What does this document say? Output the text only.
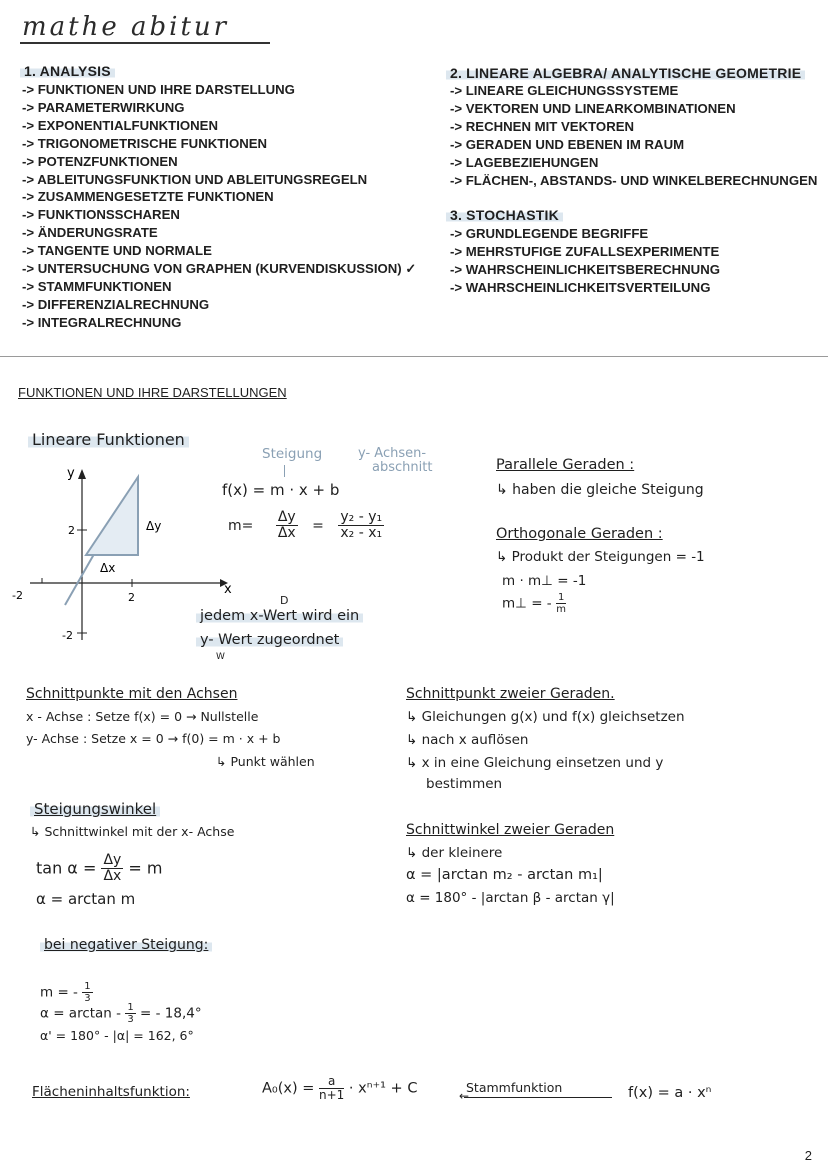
mathe abitur
1. ANALYSIS
-> FUNKTIONEN UND IHRE DARSTELLUNG
-> PARAMETERWIRKUNG
-> EXPONENTIALFUNKTIONEN
-> TRIGONOMETRISCHE FUNKTIONEN
-> POTENZFUNKTIONEN
-> ABLEITUNGSFUNKTION UND ABLEITUNGSREGELN
-> ZUSAMMENGESETZTE FUNKTIONEN
-> FUNKTIONSSCHAREN
-> ÄNDERUNGSRATE
-> TANGENTE UND NORMALE
-> UNTERSUCHUNG VON GRAPHEN (KURVENDISKUSSION) ✓
-> STAMMFUNKTIONEN
-> DIFFERENZIALRECHNUNG
-> INTEGRALRECHNUNG
2. LINEARE ALGEBRA/ ANALYTISCHE GEOMETRIE
-> LINEARE GLEICHUNGSSYSTEME
-> VEKTOREN UND LINEARKOMBINATIONEN
-> RECHNEN MIT VEKTOREN
-> GERADEN UND EBENEN IM RAUM
-> LAGEBEZIEHUNGEN
-> FLÄCHEN-, ABSTANDS- UND WINKELBERECHNUNGEN
3. STOCHASTIK
-> GRUNDLEGENDE BEGRIFFE
-> MEHRSTUFIGE ZUFALLSEXPERIMENTE
-> WAHRSCHEINLICHKEITSBERECHNUNG
-> WAHRSCHEINLICHKEITSVERTEILUNG
FUNKTIONEN UND IHRE DARSTELLUNGEN
Lineare Funktionen
y
x
2
-2
2
-2
Δy
Δx
Steigung	y- Achsen-
abschnitt
f(x) = m · x + b
$m= \frac{\Delta y}{\Delta x} = \frac{\text{y₂ - y₁}}{\text{x₂ - x₁}}$
D
jedem x-Wert wird ein
y- Wert zugeordnet
W
Parallele Geraden :
↳ haben die gleiche Steigung
Orthogonale Geraden :
↳ Produkt der Steigungen = -1
m · m⊥ = -1
m⊥ = - $\frac{1}{m}$
Schnittpunkte mit den Achsen
x - Achse : Setze f(x) = 0 → Nullstelle
y- Achse : Setze x = 0 → f(0) = m · x + b
↳ Punkt wählen
Schnittpunkt zweier Geraden.
↳ Gleichungen g(x) und f(x) gleichsetzen
↳ nach x auflösen
↳ x in eine Gleichung einsetzen und y
bestimmen
Steigungswinkel
↳ Schnittwinkel mit der x- Achse
$\tan \alpha = \frac{\Delta y}{\Delta x} = m$
α = arctan m
Schnittwinkel zweier Geraden
↳ der kleinere
α = |arctan m₂ - arctan m₁|
α = 180° - |arctan β - arctan γ|
bei negativer Steigung:
m = - $\frac{1}{3}$
$\alpha = \arctan - \frac{1}{3}$ = - 18,4°
α' = 180° - |α| = 162, 6°
Flächeninhaltsfunktion:	$A_0(x) = \frac{a}{n+1} \cdot x^{n+1} + C$	Stammfunktion
←	f(x) = a · xⁿ
2
